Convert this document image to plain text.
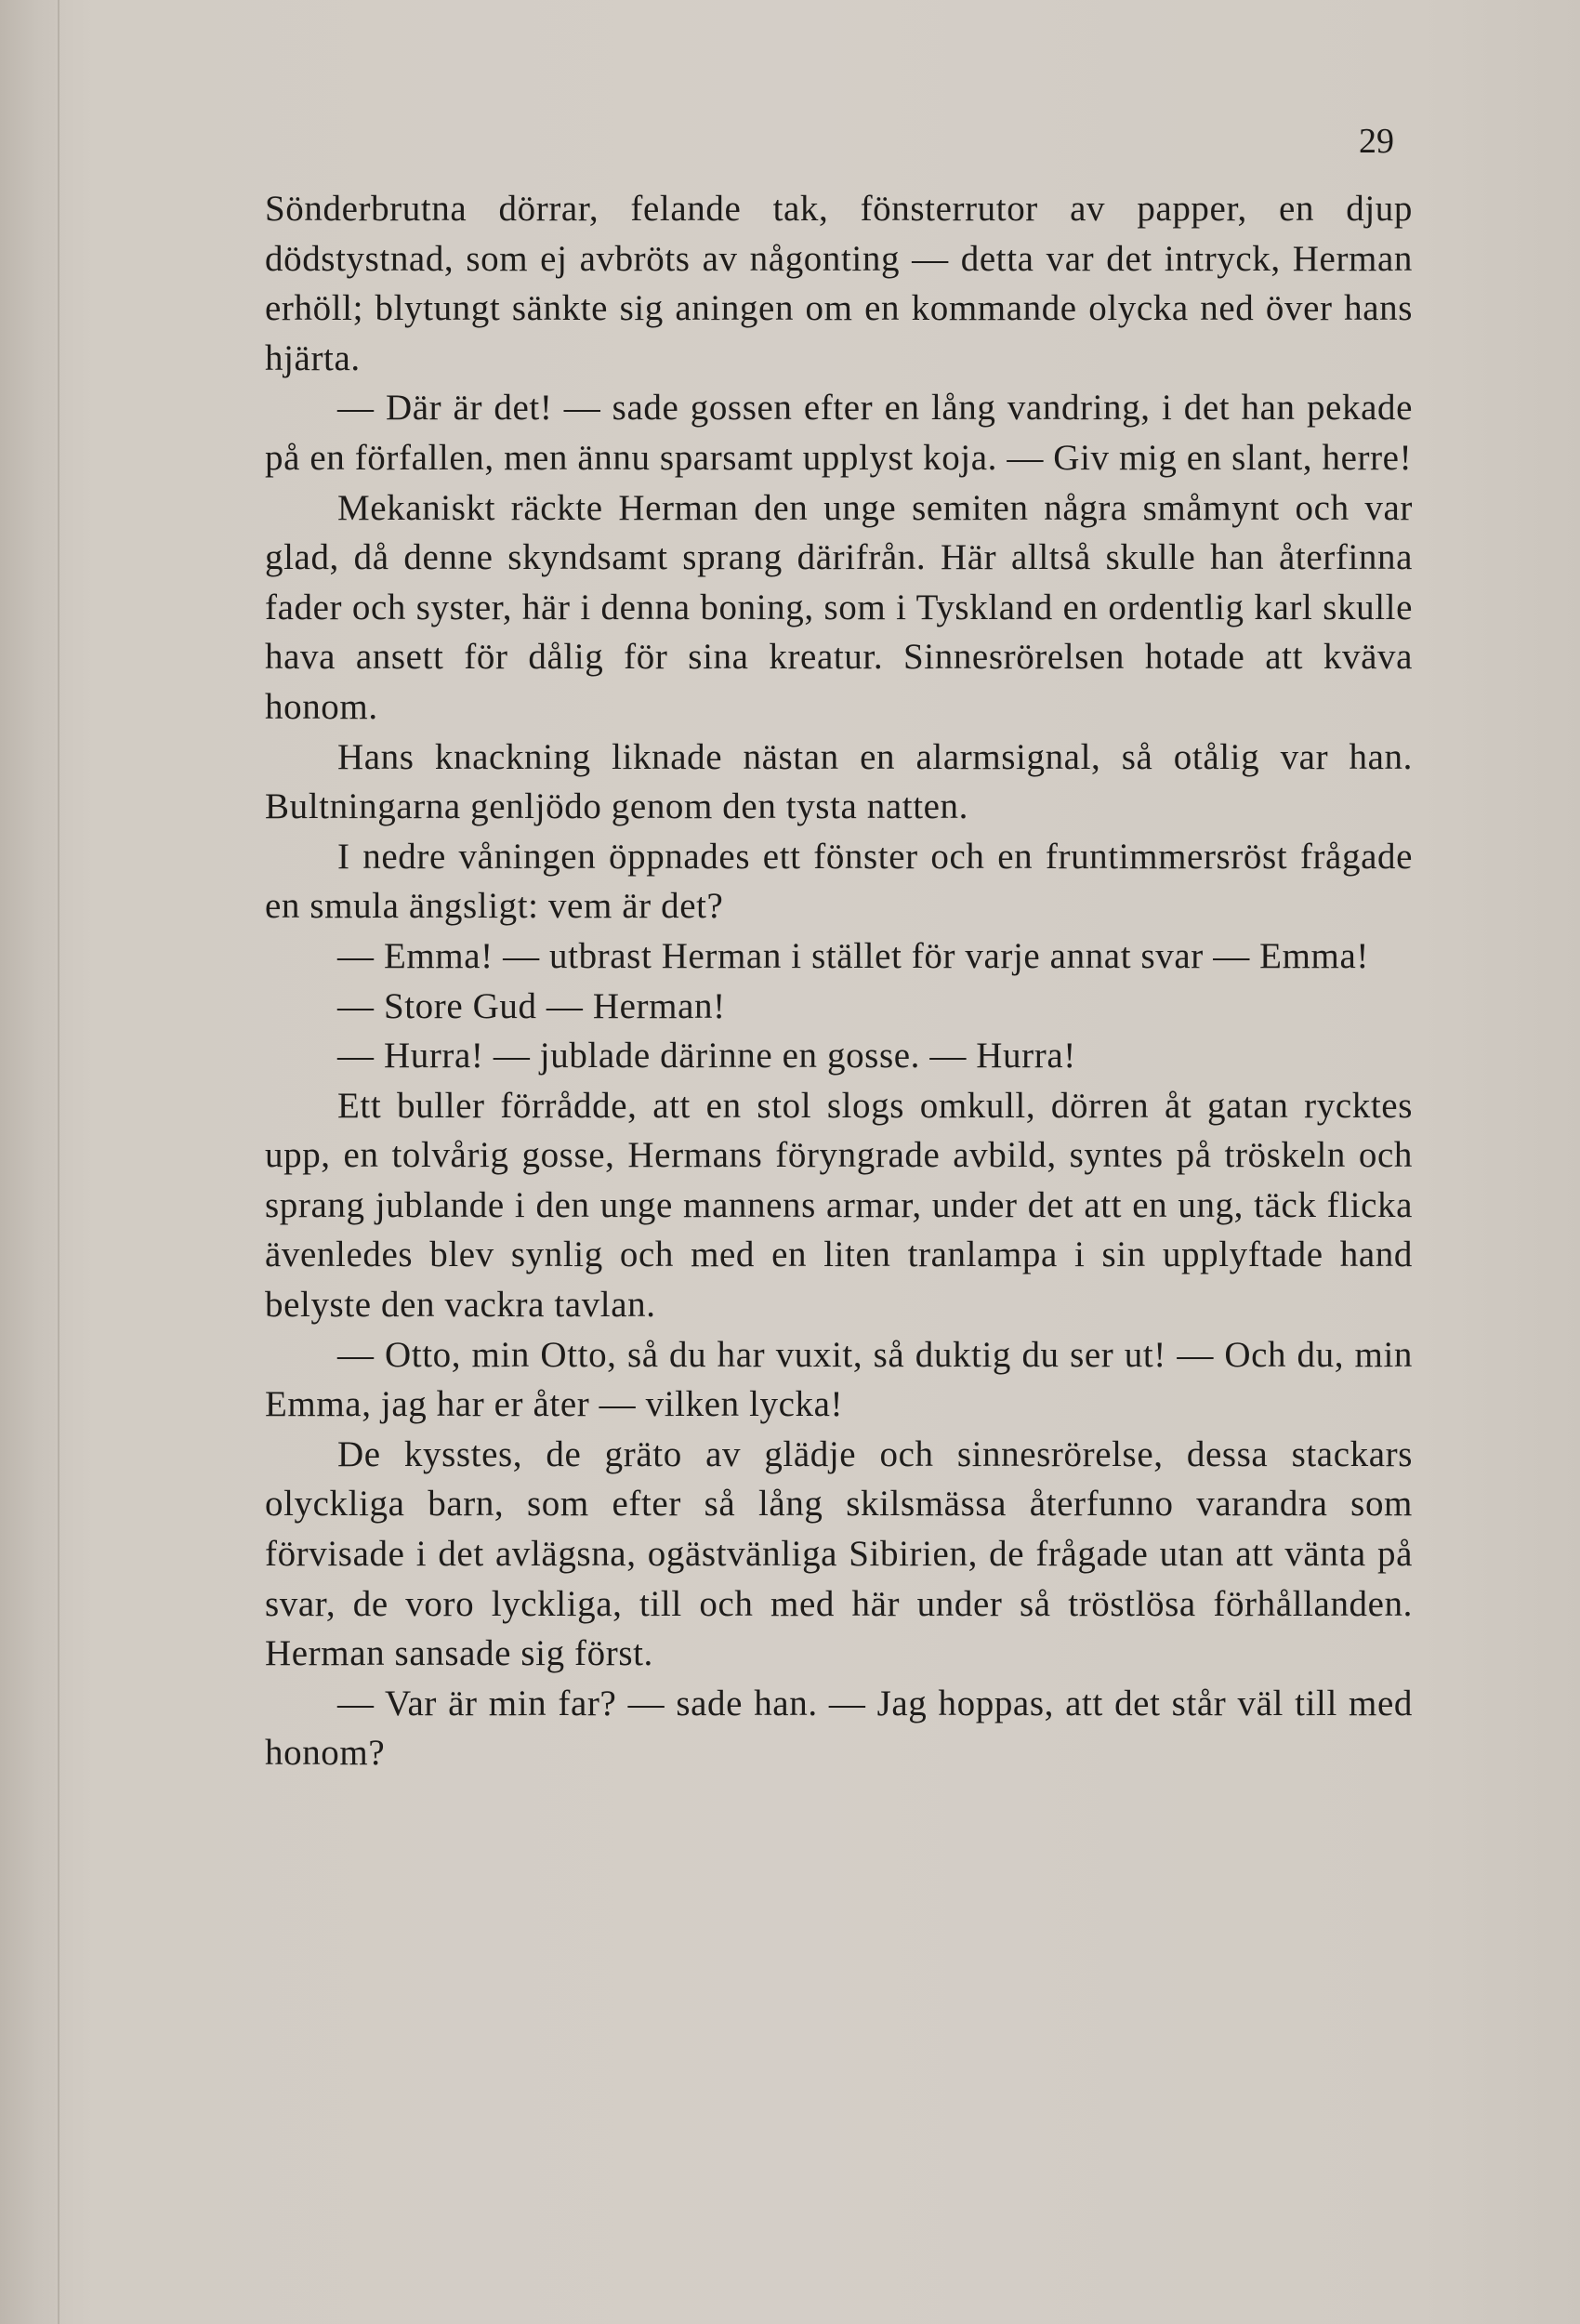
29

Sönderbrutna dörrar, felande tak, fönsterrutor av papper, en djup dödstystnad, som ej avbröts av någonting — detta var det intryck, Herman erhöll; blytungt sänkte sig aningen om en kommande olycka ned över hans hjärta.

— Där är det! — sade gossen efter en lång vandring, i det han pekade på en förfallen, men ännu sparsamt upplyst koja. — Giv mig en slant, herre!

Mekaniskt räckte Herman den unge semiten några småmynt och var glad, då denne skyndsamt sprang därifrån. Här alltså skulle han återfinna fader och syster, här i denna boning, som i Tyskland en ordentlig karl skulle hava ansett för dålig för sina kreatur. Sinnesrörelsen hotade att kväva honom.

Hans knackning liknade nästan en alarmsignal, så otålig var han. Bultningarna genljödo genom den tysta natten.

I nedre våningen öppnades ett fönster och en fruntimmersröst frågade en smula ängsligt: vem är det?

— Emma! — utbrast Herman i stället för varje annat svar — Emma!

— Store Gud — Herman!

— Hurra! — jublade därinne en gosse. — Hurra!

Ett buller förrådde, att en stol slogs omkull, dörren åt gatan rycktes upp, en tolvårig gosse, Hermans föryngrade avbild, syntes på tröskeln och sprang jublande i den unge mannens armar, under det att en ung, täck flicka ävenledes blev synlig och med en liten tranlampa i sin upplyftade hand belyste den vackra tavlan.

— Otto, min Otto, så du har vuxit, så duktig du ser ut! — Och du, min Emma, jag har er åter — vilken lycka!

De kysstes, de gräto av glädje och sinnesrörelse, dessa stackars olyckliga barn, som efter så lång skilsmässa återfunno varandra som förvisade i det avlägsna, ogästvänliga Sibirien, de frågade utan att vänta på svar, de voro lyckliga, till och med här under så tröstlösa förhållanden. Herman sansade sig först.

— Var är min far? — sade han. — Jag hoppas, att det står väl till med honom?
